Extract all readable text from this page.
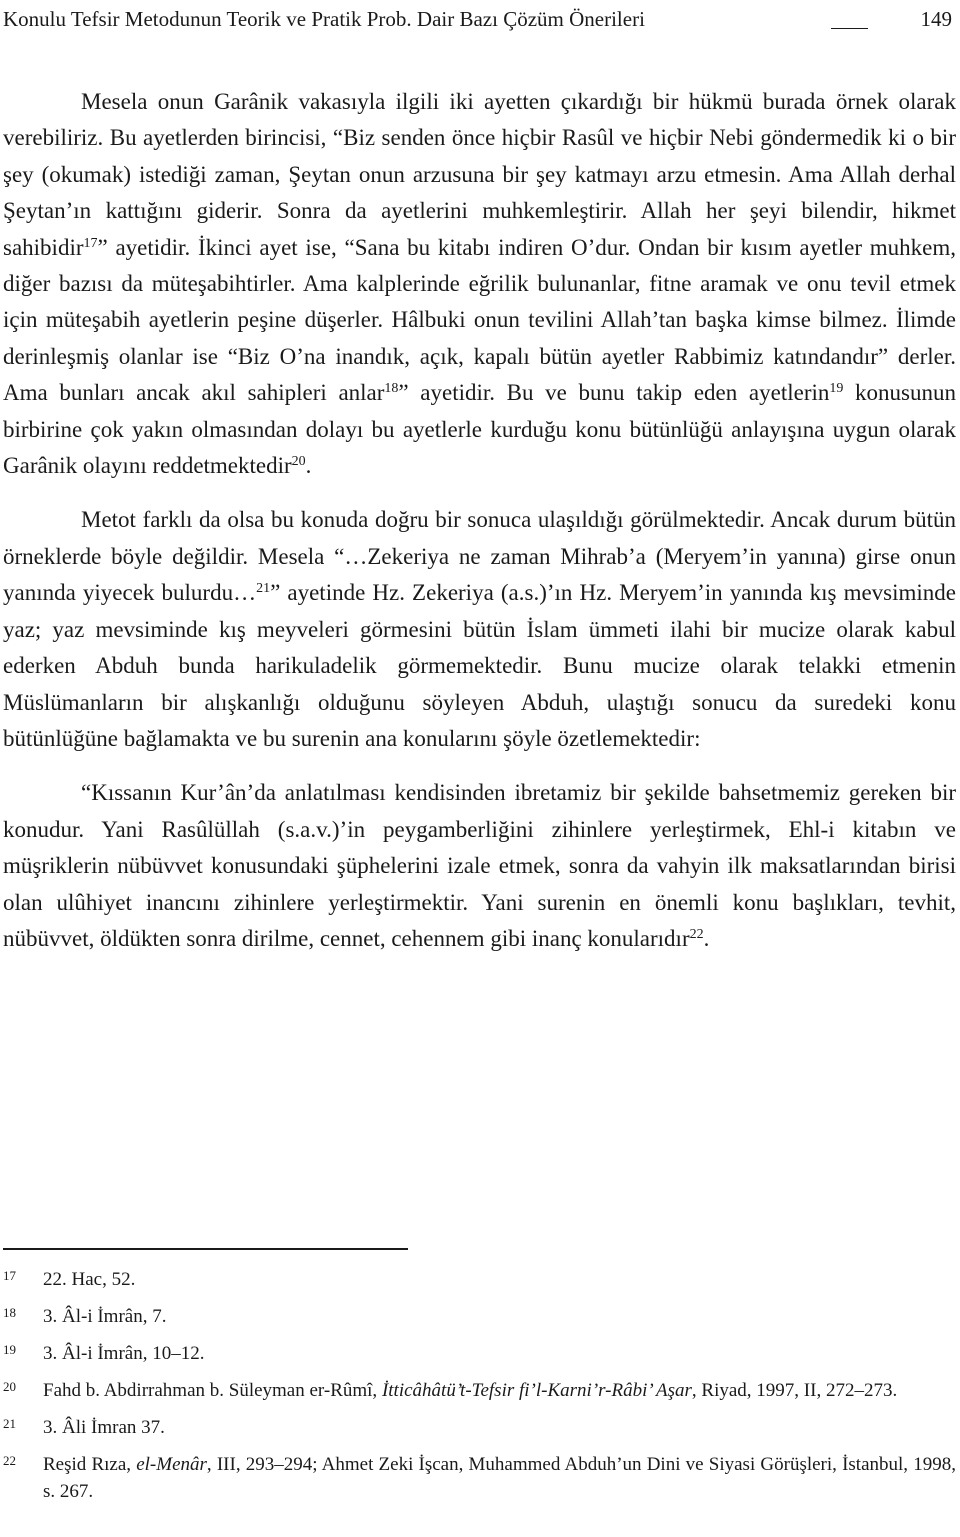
Konulu Tefsir Metodunun Teorik ve Pratik Prob. Dair Bazı Çözüm Önerileri	149

Mesela onun Garânik vakasıyla ilgili iki ayetten çıkardığı bir hükmü burada örnek olarak verebiliriz. Bu ayetlerden birincisi, “Biz senden önce hiçbir Rasûl ve hiçbir Nebi göndermedik ki o bir şey (okumak) istediği zaman, Şeytan onun arzusuna bir şey katmayı arzu etmesin. Ama Allah derhal Şeytan’ın kattığını giderir. Sonra da ayetlerini muhkemleştirir. Allah her şeyi bilendir, hikmet sahibidir$^{17}$” ayetidir. İkinci ayet ise, “Sana bu kitabı indiren O’dur. Ondan bir kısım ayetler muhkem, diğer bazısı da müteşabihtirler. Ama kalplerinde eğrilik bulunanlar, fitne aramak ve onu tevil etmek için müteşabih ayetlerin peşine düşerler. Hâlbuki onun tevilini Allah’tan başka kimse bilmez. İlimde derinleşmiş olanlar ise “Biz O’na inandık, açık, kapalı bütün ayetler Rabbimiz katındandır” derler. Ama bunları ancak akıl sahipleri anlar$^{18}$” ayetidir. Bu ve bunu takip eden ayetlerin$^{19}$ konusunun birbirine çok yakın olmasından dolayı bu ayetlerle kurduğu konu bütünlüğü anlayışına uygun olarak Garânik olayını reddetmektedir$^{20}$.

Metot farklı da olsa bu konuda doğru bir sonuca ulaşıldığı görülmektedir. Ancak durum bütün örneklerde böyle değildir. Mesela “…Zekeriya ne zaman Mihrab’a (Meryem’in yanına) girse onun yanında yiyecek bulurdu…$^{21}$” ayetinde Hz. Zekeriya (a.s.)’ın Hz. Meryem’in yanında kış mevsiminde yaz; yaz mevsiminde kış meyveleri görmesini bütün İslam ümmeti ilahi bir mucize olarak kabul ederken Abduh bunda harikuladelik görmemektedir. Bunu mucize olarak telakki etmenin Müslümanların bir alışkanlığı olduğunu söyleyen Abduh, ulaştığı sonucu da suredeki konu bütünlüğüne bağlamakta ve bu surenin ana konularını şöyle özetlemektedir:

“Kıssanın Kur’ân’da anlatılması kendisinden ibretamiz bir şekilde bahsetmemiz gereken bir konudur. Yani Rasûlüllah (s.a.v.)’in peygamberliğini zihinlere yerleştirmek, Ehl-i kitabın ve müşriklerin nübüvvet konusundaki şüphelerini izale etmek, sonra da vahyin ilk maksatlarından birisi olan ulûhiyet inancını zihinlere yerleştirmektir. Yani surenin en önemli konu başlıkları, tevhit, nübüvvet, öldükten sonra dirilme, cennet, cehennem gibi inanç konularıdır$^{22}$.

17 22. Hac, 52.
18 3. Âl-i İmrân, 7.
19 3. Âl-i İmrân, 10–12.
20 Fahd b. Abdirrahman b. Süleyman er-Rûmî, İtticâhâtü’t-Tefsir fi’l-Karni’r-Râbi’ Aşar, Riyad, 1997, II, 272–273.
21 3. Âli İmran 37.
22 Reşid Rıza, el-Menâr, III, 293–294; Ahmet Zeki İşcan, Muhammed Abduh’un Dini ve Siyasi Görüşleri, İstanbul, 1998, s. 267.
